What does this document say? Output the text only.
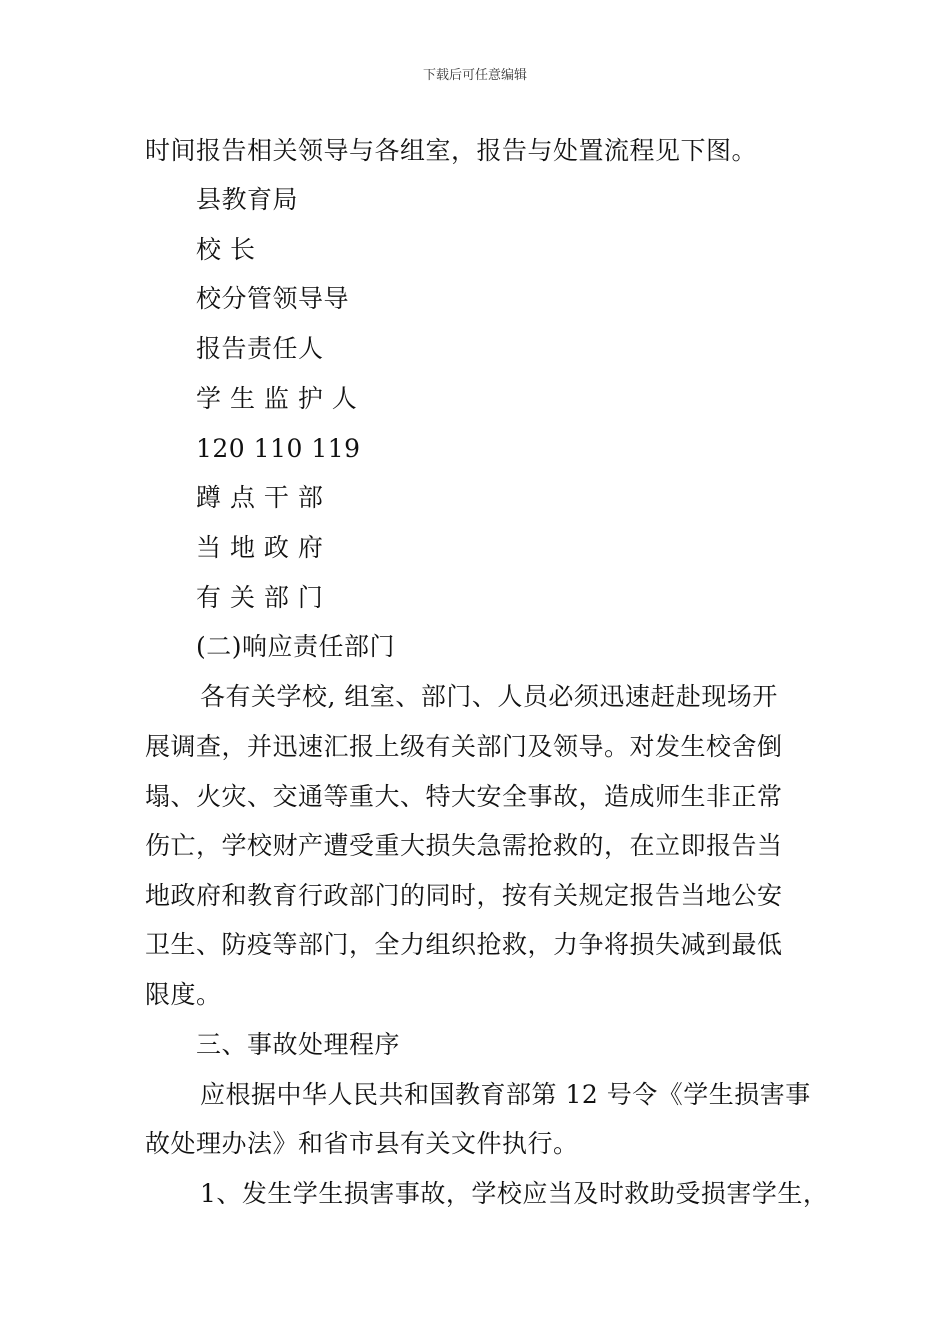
下载后可任意编辑
时间报告相关领导与各组室，报告与处置流程见下图。
县教育局
校 长
校分管领导导
报告责任人
学 生 监 护 人
120 110 119
蹲 点 干 部
当 地 政 府
有 关 部 门
(二)响应责任部门
各有关学校, 组室、部门、人员必须迅速赶赴现场开
展调查，并迅速汇报上级有关部门及领导。对发生校舍倒
塌、火灾、交通等重大、特大安全事故，造成师生非正常
伤亡，学校财产遭受重大损失急需抢救的，在立即报告当
地政府和教育行政部门的同时，按有关规定报告当地公安
卫生、防疫等部门，全力组织抢救，力争将损失减到最低
限度。
三、事故处理程序
应根据中华人民共和国教育部第 12 号令《学生损害事
故处理办法》和省市县有关文件执行。
1、发生学生损害事故，学校应当及时救助受损害学生，
